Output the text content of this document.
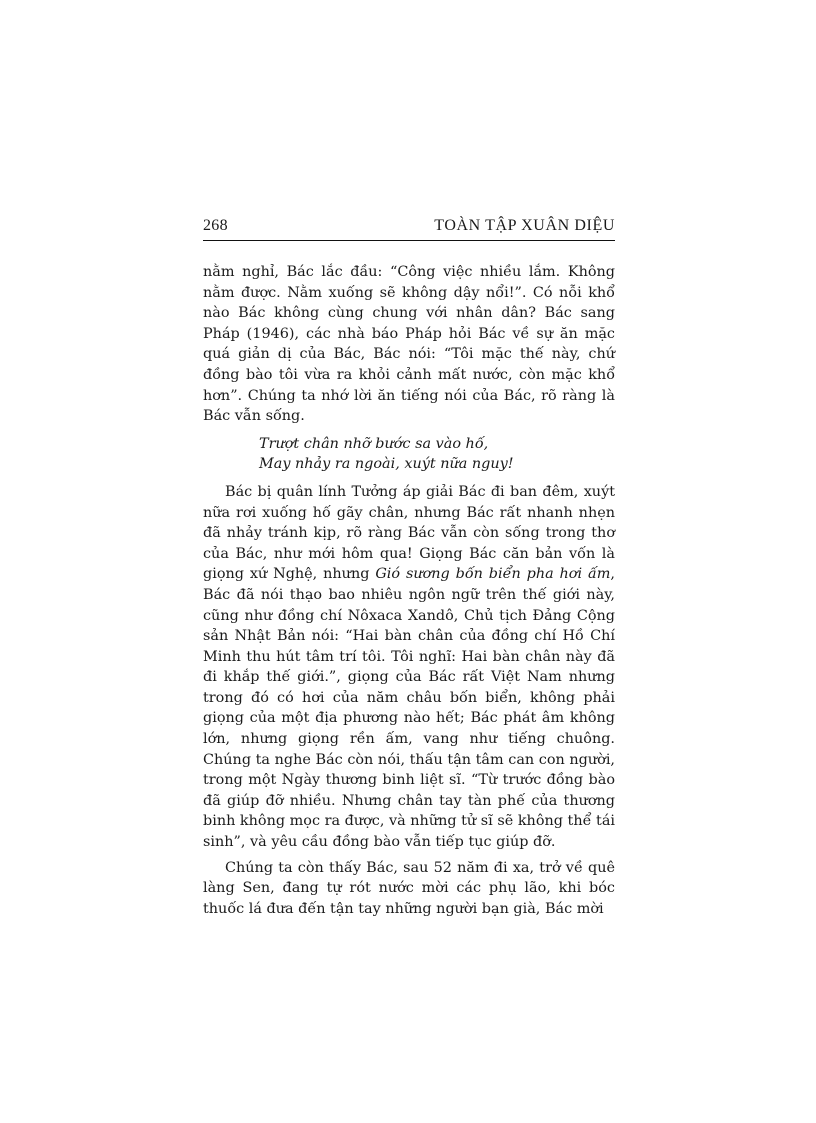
268	TOÀN TẬP XUÂN DIỆU

nằm nghỉ, Bác lắc đầu: “Công việc nhiều lắm. Không nằm được. Nằm xuống sẽ không dậy nổi!”. Có nỗi khổ nào Bác không cùng chung với nhân dân? Bác sang Pháp (1946), các nhà báo Pháp hỏi Bác về sự ăn mặc quá giản dị của Bác, Bác nói: “Tôi mặc thế này, chứ đồng bào tôi vừa ra khỏi cảnh mất nước, còn mặc khổ hơn”. Chúng ta nhớ lời ăn tiếng nói của Bác, rõ ràng là Bác vẫn sống.

Trượt chân nhỡ bước sa vào hố,
May nhảy ra ngoài, xuýt nữa nguy!

Bác bị quân lính Tưởng áp giải Bác đi ban đêm, xuýt nữa rơi xuống hố gãy chân, nhưng Bác rất nhanh nhẹn đã nhảy tránh kịp, rõ ràng Bác vẫn còn sống trong thơ của Bác, như mới hôm qua! Giọng Bác căn bản vốn là giọng xứ Nghệ, nhưng Gió sương bốn biển pha hơi ấm, Bác đã nói thạo bao nhiêu ngôn ngữ trên thế giới này, cũng như đồng chí Nôxaca Xandô, Chủ tịch Đảng Cộng sản Nhật Bản nói: “Hai bàn chân của đồng chí Hồ Chí Minh thu hút tâm trí tôi. Tôi nghĩ: Hai bàn chân này đã đi khắp thế giới.”, giọng của Bác rất Việt Nam nhưng trong đó có hơi của năm châu bốn biển, không phải giọng của một địa phương nào hết; Bác phát âm không lớn, nhưng giọng rền ấm, vang như tiếng chuông. Chúng ta nghe Bác còn nói, thấu tận tâm can con người, trong một Ngày thương binh liệt sĩ. “Từ trước đồng bào đã giúp đỡ nhiều. Nhưng chân tay tàn phế của thương binh không mọc ra được, và những tử sĩ sẽ không thể tái sinh”, và yêu cầu đồng bào vẫn tiếp tục giúp đỡ.

Chúng ta còn thấy Bác, sau 52 năm đi xa, trở về quê làng Sen, đang tự rót nước mời các phụ lão, khi bóc thuốc lá đưa đến tận tay những người bạn già, Bác mời
